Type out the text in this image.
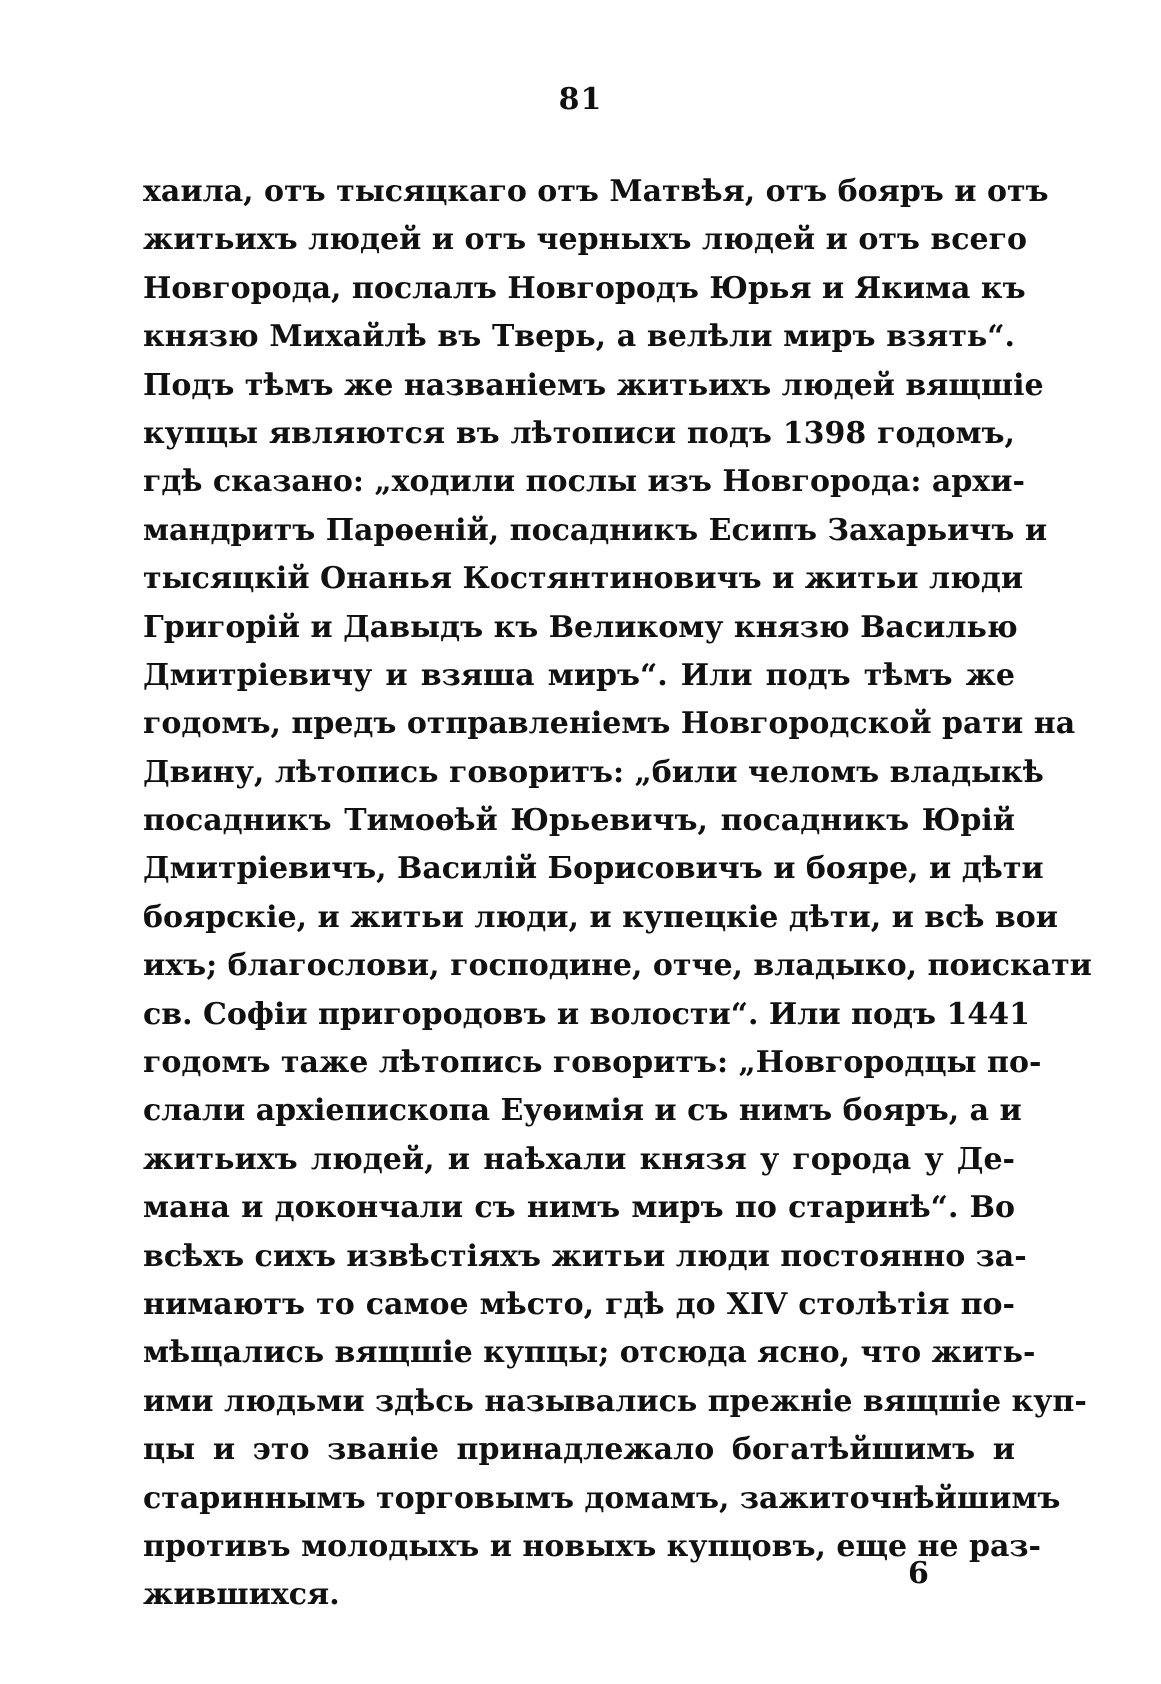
81
хаила, отъ тысяцкаго отъ Матвѣя, отъ бояръ и отъ
житьихъ людей и отъ черныхъ людей и отъ всего
Новгорода, послалъ Новгородъ Юрья и Якима къ
князю Михайлѣ въ Тверь, а велѣли миръ взять“.
Подъ тѣмъ же названіемъ житьихъ людей вящшіе
купцы являются въ лѣтописи подъ 1398 годомъ,
гдѣ сказано: „ходили послы изъ Новгорода: архи-
мандритъ Парѳеній, посадникъ Есипъ Захарьичъ и
тысяцкій Онанья Костянтиновичъ и житьи люди
Григорій и Давыдъ къ Великому князю Василью
Дмитріевичу и взяша миръ“. Или подъ тѣмъ же
годомъ, предъ отправленіемъ Новгородской рати на
Двину, лѣтопись говоритъ: „били челомъ владыкѣ
посадникъ Тимоѳѣй Юрьевичъ, посадникъ Юрій
Дмитріевичъ, Василій Борисовичъ и бояре, и дѣти
боярскіе, и житьи люди, и купецкіе дѣти, и всѣ вои
ихъ; благослови, господине, отче, владыко, поискати
св. Софіи пригородовъ и волости“. Или подъ 1441
годомъ таже лѣтопись говоритъ: „Новгородцы по-
слали архіепископа Еуѳимія и съ нимъ бояръ, а и
житьихъ людей, и наѣхали князя у города у Де-
мана и докончали съ нимъ миръ по старинѣ“. Во
всѣхъ сихъ извѣстіяхъ житьи люди постоянно за-
нимаютъ то самое мѣсто, гдѣ до XIV столѣтія по-
мѣщались вящшіе купцы; отсюда ясно, что жить-
ими людьми здѣсь назывались прежніе вящшіе куп-
цы и это званіе принадлежало богатѣйшимъ и
стариннымъ торговымъ домамъ, зажиточнѣйшимъ
противъ молодыхъ и новыхъ купцовъ, еще не раз-
жившихся.
6
